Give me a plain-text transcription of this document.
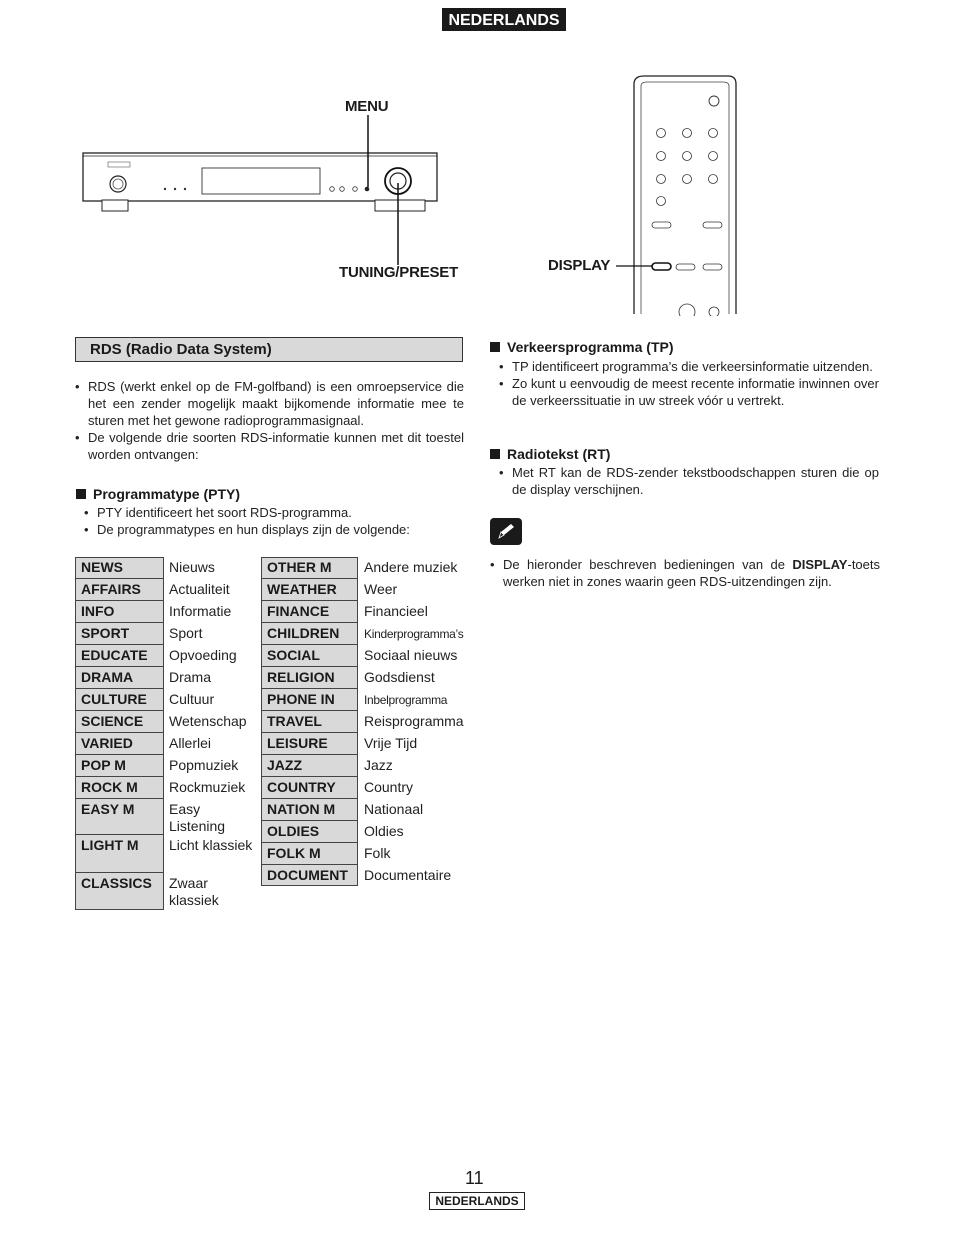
NEDERLANDS
MENU
TUNING/PRESET	DISPLAY
RDS (Radio Data System)
• RDS (werkt enkel op de FM-golfband) is een omroepservice die het een zender mogelijk maakt bijkomende informatie mee te sturen met het gewone radioprogrammasignaal.
• De volgende drie soorten RDS-informatie kunnen met dit toestel worden ontvangen:
Programmatype (PTY)
• PTY identificeert het soort RDS-programma.
• De programmatypes en hun displays zijn de volgende:
NEWS	Nieuws
AFFAIRS	Actualiteit
INFO	Informatie
SPORT	Sport
EDUCATE	Opvoeding
DRAMA	Drama
CULTURE	Cultuur
SCIENCE	Wetenschap
VARIED	Allerlei
POP M	Popmuziek
ROCK M	Rockmuziek
EASY M	Easy Listening
LIGHT M	Licht klassiek
CLASSICS	Zwaar klassiek
OTHER M	Andere muziek
WEATHER	Weer
FINANCE	Financieel
CHILDREN	Kinderprogramma’s
SOCIAL	Sociaal nieuws
RELIGION	Godsdienst
PHONE IN	Inbelprogramma
TRAVEL	Reisprogramma
LEISURE	Vrije Tijd
JAZZ	Jazz
COUNTRY	Country
NATION M	Nationaal
OLDIES	Oldies
FOLK M	Folk
DOCUMENT	Documentaire
Verkeersprogramma (TP)
• TP identificeert programma’s die verkeersinformatie uitzenden.
• Zo kunt u eenvoudig de meest recente informatie inwinnen over de verkeerssituatie in uw streek vóór u vertrekt.
Radiotekst (RT)
• Met RT kan de RDS-zender tekstboodschappen sturen die op de display verschijnen.
• De hieronder beschreven bedieningen van de DISPLAY-toets werken niet in zones waarin geen RDS-uitzendingen zijn.
11
NEDERLANDS
